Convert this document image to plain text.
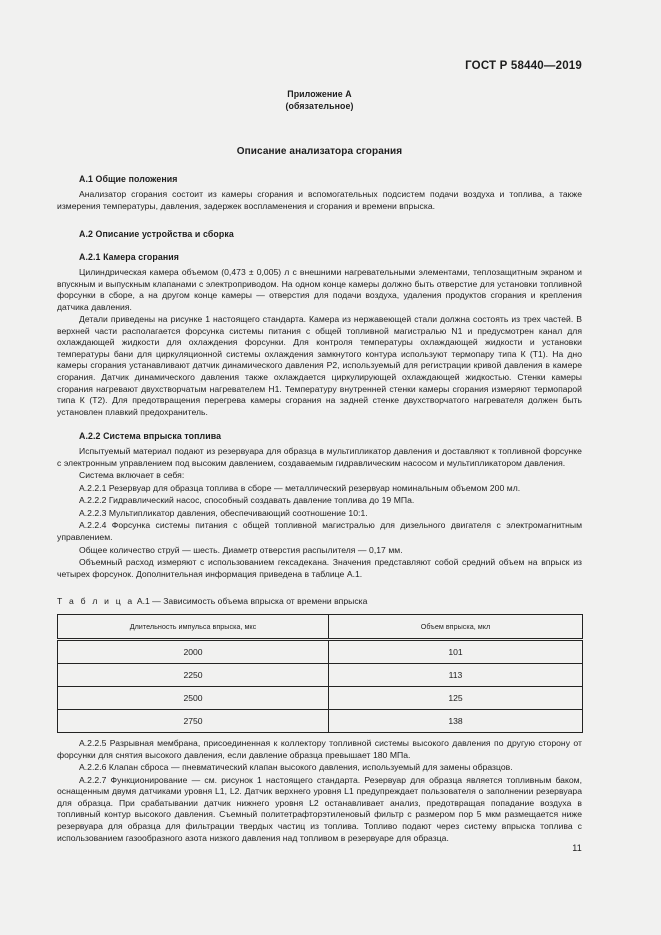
ГОСТ Р 58440—2019
Приложение А
(обязательное)
Описание анализатора сгорания
А.1 Общие положения

Анализатор сгорания состоит из камеры сгорания и вспомогательных подсистем подачи воздуха и топлива, а также измерения температуры, давления, задержек воспламенения и сгорания и времени впрыска.

А.2 Описание устройства и сборка
А.2.1 Камера сгорания

Цилиндрическая камера объемом (0,473 ± 0,005) л с внешними нагревательными элементами, теплозащитным экраном и впускным и выпускным клапанами с электроприводом. На одном конце камеры должно быть отверстие для установки топливной форсунки в сборе, а на другом конце камеры — отверстия для подачи воздуха, удаления продуктов сгорания и крепления датчика давления.

Детали приведены на рисунке 1 настоящего стандарта. Камера из нержавеющей стали должна состоять из трех частей. В верхней части располагается форсунка системы питания с общей топливной магистралью N1 и предусмотрен канал для охлаждающей жидкости для охлаждения форсунки. Для контроля температуры охлаждающей жидкости и установки температуры бани для циркуляционной системы охлаждения замкнутого контура используют термопару типа К (Т1). На дно камеры сгорания устанавливают датчик динамического давления Р2, используемый для регистрации кривой давления в камере сгорания. Датчик динамического давления также охлаждается циркулирующей охлаждающей жидкостью. Стенки камеры сгорания нагревают двухстворчатым нагревателем Н1. Температуру внутренней стенки камеры сгорания измеряют термопарой типа К (Т2). Для предотвращения перегрева камеры сгорания на задней стенке двухстворчатого нагревателя должен быть установлен плавкий предохранитель.

А.2.2 Система впрыска топлива

Испытуемый материал подают из резервуара для образца в мультипликатор давления и доставляют к топливной форсунке с электронным управлением под высоким давлением, создаваемым гидравлическим насосом и мультипликатором давления.

Система включает в себя:

А.2.2.1 Резервуар для образца топлива в сборе — металлический резервуар номинальным объемом 200 мл.

А.2.2.2 Гидравлический насос, способный создавать давление топлива до 19 МПа.

А.2.2.3 Мультипликатор давления, обеспечивающий соотношение 10:1.

А.2.2.4 Форсунка системы питания с общей топливной магистралью для дизельного двигателя с электромагнитным управлением.

Общее количество струй — шесть. Диаметр отверстия распылителя — 0,17 мм.

Объемный расход измеряют с использованием гексадекана. Значения представляют собой средний объем на впрыск из четырех форсунок. Дополнительная информация приведена в таблице А.1.

Т а б л и ц а А.1 — Зависимость объема впрыска от времени впрыска
Длительность импульса впрыска, мкс	Объем впрыска, мкл
2000	101
2250	113
2500	125
2750	138

А.2.2.5 Разрывная мембрана, присоединенная к коллектору топливной системы высокого давления по другую сторону от форсунки для снятия высокого давления, если давление образца превышает 180 МПа.

А.2.2.6 Клапан сброса — пневматический клапан высокого давления, используемый для замены образцов.

А.2.2.7 Функционирование — см. рисунок 1 настоящего стандарта. Резервуар для образца является топливным баком, оснащенным двумя датчиками уровня L1, L2. Датчик верхнего уровня L1 предупреждает пользователя о заполнении резервуара для образца. При срабатывании датчик нижнего уровня L2 останавливает анализ, предотвращая попадание воздуха в топливный контур высокого давления. Съемный политетрафторэтиленовый фильтр с размером пор 5 мкм размещается ниже резервуара для образца для фильтрации твердых частиц из топлива. Топливо подают через систему впрыска топлива с использованием газообразного азота низкого давления над топливом в резервуаре для образца.

11
